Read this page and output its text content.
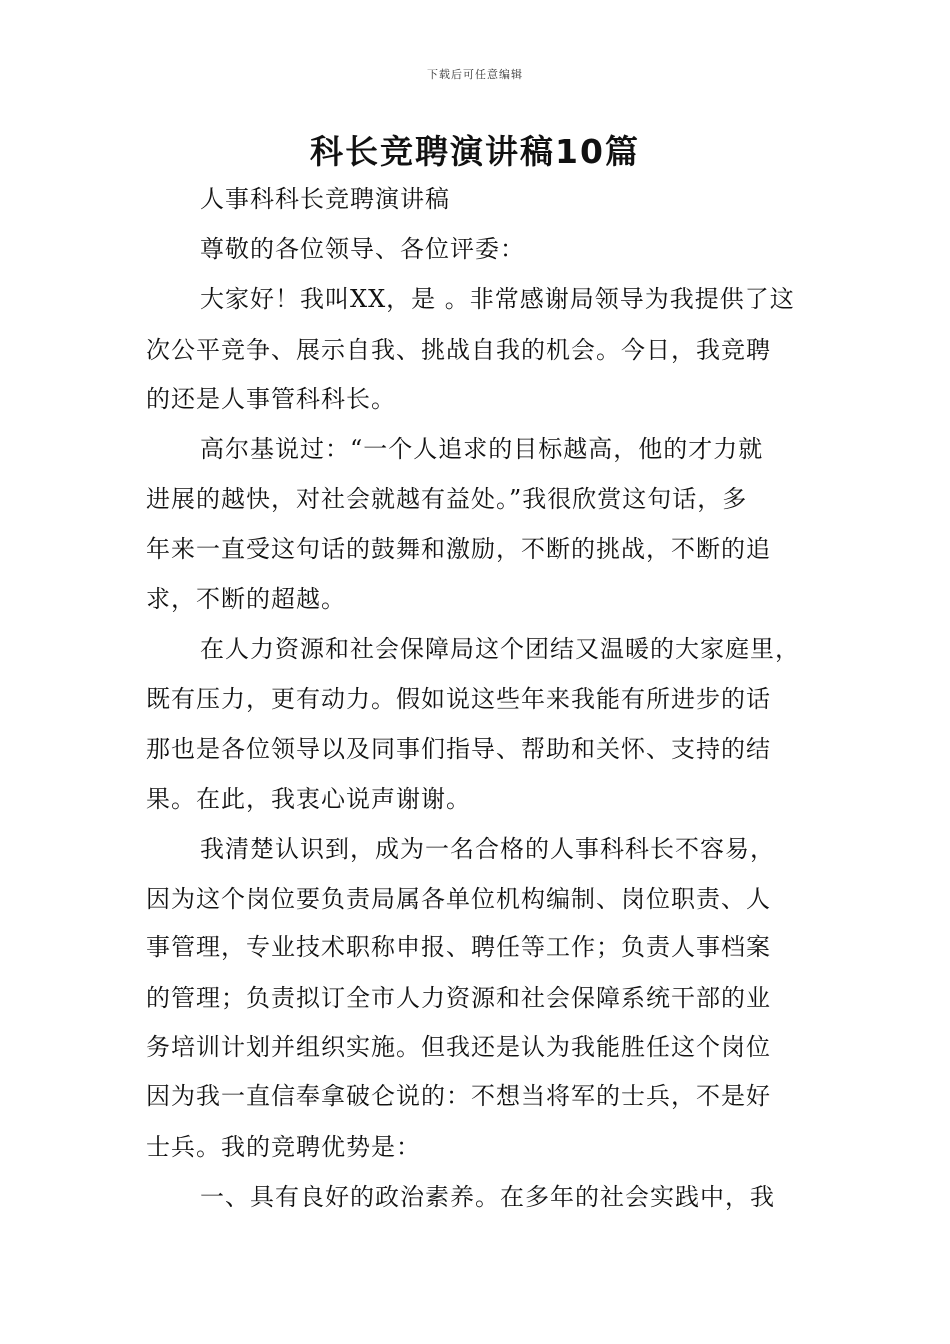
下载后可任意编辑
科长竞聘演讲稿10篇
人事科科长竞聘演讲稿
尊敬的各位领导、各位评委：
大家好！我叫XX，是 。非常感谢局领导为我提供了这
次公平竞争、展示自我、挑战自我的机会。今日，我竞聘
的还是人事管科科长。
高尔基说过：“一个人追求的目标越高，他的才力就
进展的越快，对社会就越有益处。”我很欣赏这句话，多
年来一直受这句话的鼓舞和激励，不断的挑战，不断的追
求，不断的超越。
在人力资源和社会保障局这个团结又温暖的大家庭里，
既有压力，更有动力。假如说这些年来我能有所进步的话
那也是各位领导以及同事们指导、帮助和关怀、支持的结
果。在此，我衷心说声谢谢。
我清楚认识到，成为一名合格的人事科科长不容易，
因为这个岗位要负责局属各单位机构编制、岗位职责、人
事管理，专业技术职称申报、聘任等工作；负责人事档案
的管理；负责拟订全市人力资源和社会保障系统干部的业
务培训计划并组织实施。但我还是认为我能胜任这个岗位
因为我一直信奉拿破仑说的：不想当将军的士兵，不是好
士兵。我的竞聘优势是：
一、具有良好的政治素养。在多年的社会实践中，我
